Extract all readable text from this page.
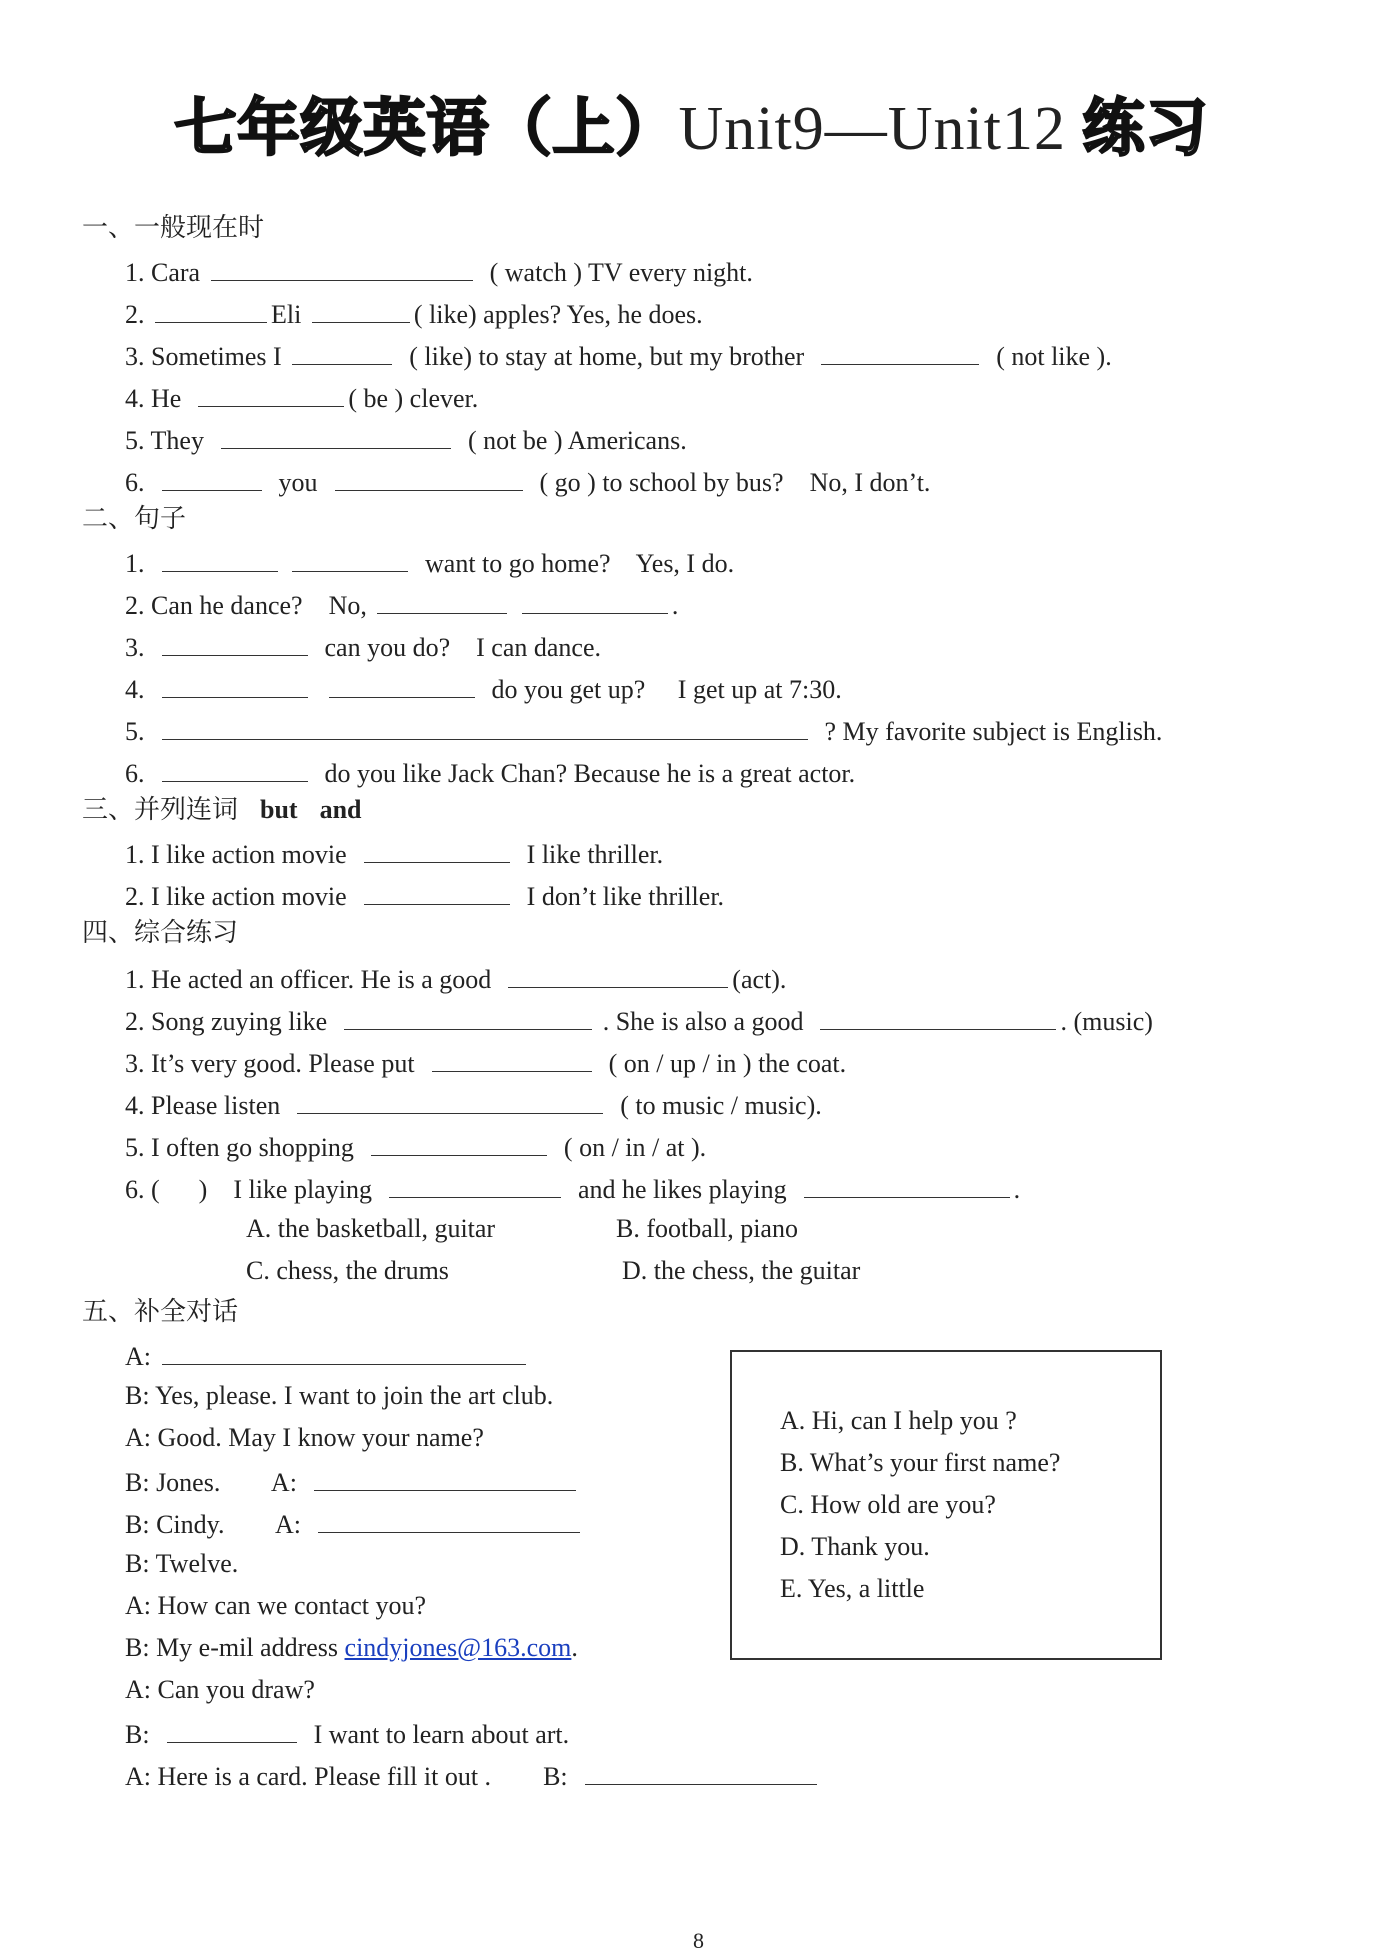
七年级英语（上）Unit9—Unit12 练习
一、一般现在时
1. Cara	( watch ) TV every night.
2.	Eli	( like) apples? Yes, he does.
3. Sometimes I	( like) to stay at home, but my brother	( not like ).
4. He	( be ) clever.
5. They	( not be ) Americans.
6.	you	( go ) to school by bus?    No, I don’t.
二、句子
1.	want to go home?    Yes, I do.
2. Can he dance?    No,	.
3.	can you do?    I can dance.
4.	do you get up?     I get up at 7:30.
5.	? My favorite subject is English.
6.	do you like Jack Chan? Because he is a great actor.
三、并列连词 but and
1. I like action movie	I like thriller.
2. I like action movie	I don’t like thriller.
四、综合练习
1. He acted an officer. He is a good	(act).
2. Song zuying like	. She is also a good	. (music)
3. It’s very good. Please put	( on / up / in ) the coat.
4. Please listen	( to music / music).
5. I often go shopping	( on / in / at ).
6. (      )    I like playing	and he likes playing	.
A. the basketball, guitar	B. football, piano
C. chess, the drums	D. the chess, the guitar
五、补全对话
A:
B: Yes, please. I want to join the art club.
A: Good. May I know your name?
B: Jones. A:
B: Cindy. A:
B: Twelve.
A: How can we contact you?
B: My e-mil address cindyjones@163.com.
A: Can you draw?
B:	I want to learn about art.
A: Here is a card. Please fill it out . B:
A. Hi, can I help you ?
B. What’s your first name?
C. How old are you?
D. Thank you.
E. Yes, a little
8
